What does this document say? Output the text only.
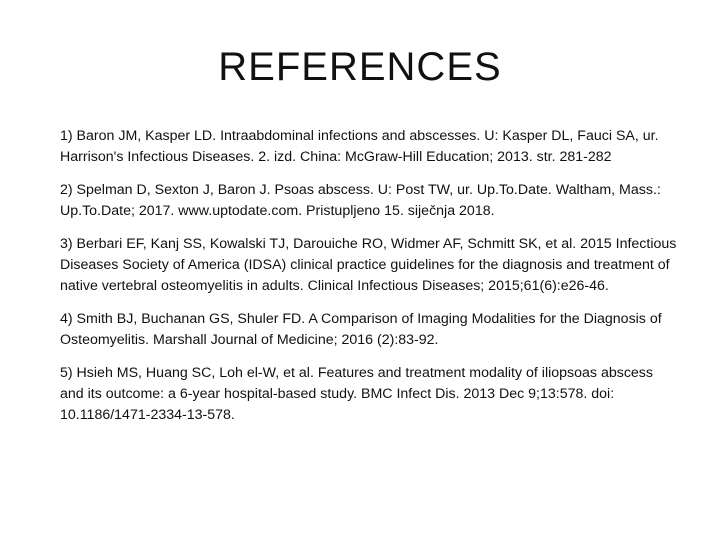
REFERENCES
1) Baron JM, Kasper LD. Intraabdominal infections and abscesses. U: Kasper DL, Fauci SA, ur. Harrison's Infectious Diseases. 2. izd. China: McGraw-Hill Education; 2013. str. 281-282
2) Spelman D, Sexton J, Baron J. Psoas abscess. U: Post TW, ur. Up.To.Date. Waltham, Mass.: Up.To.Date; 2017. www.uptodate.com. Pristupljeno 15. siječnja 2018.
3) Berbari EF, Kanj SS, Kowalski TJ, Darouiche RO, Widmer AF, Schmitt SK, et al. 2015 Infectious Diseases Society of America (IDSA) clinical practice guidelines for the diagnosis and treatment of native vertebral osteomyelitis in adults. Clinical Infectious Diseases; 2015;61(6):e26-46.
4) Smith BJ, Buchanan GS, Shuler FD. A Comparison of Imaging Modalities for the Diagnosis of Osteomyelitis. Marshall Journal of Medicine; 2016 (2):83-92.
5) Hsieh MS, Huang SC, Loh el-W, et al. Features and treatment modality of iliopsoas abscess and its outcome: a 6-year hospital-based study. BMC Infect Dis. 2013 Dec 9;13:578. doi: 10.1186/1471-2334-13-578.
